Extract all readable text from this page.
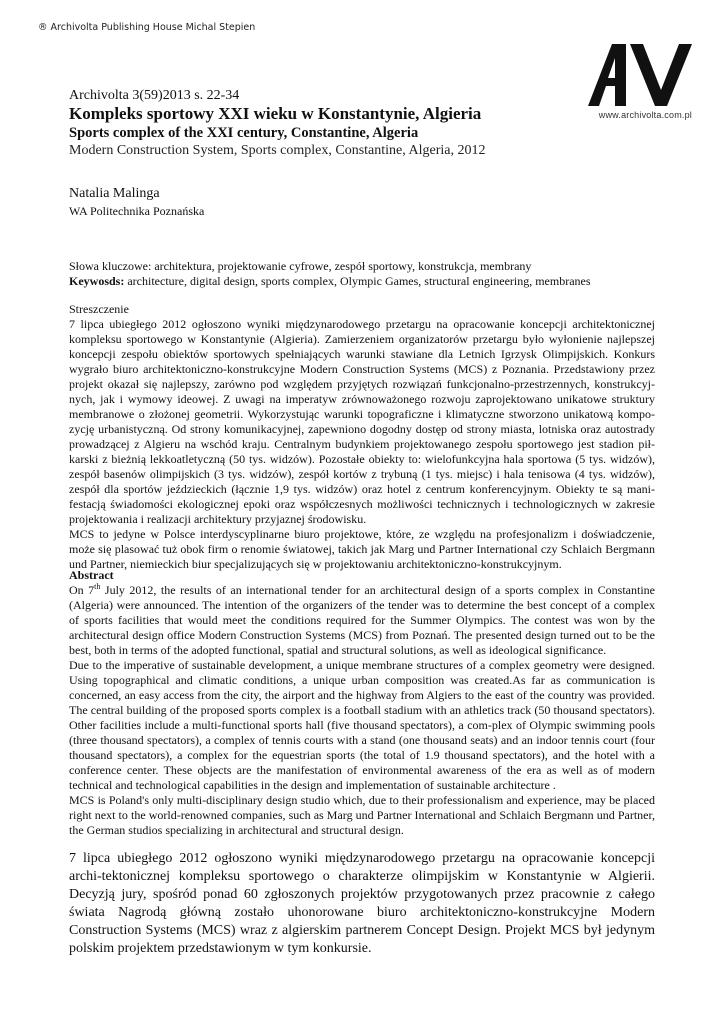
® Archivolta Publishing House Michal Stepien
www.archivolta.com.pl
Archivolta 3(59)2013 s. 22-34
Kompleks sportowy XXI wieku w Konstantynie, Algieria
Sports complex of the XXI century, Constantine, Algeria
Modern Construction System, Sports complex, Constantine, Algeria, 2012
Natalia Malinga
WA Politechnika Poznańska
Słowa kluczowe: architektura, projektowanie cyfrowe, zespół sportowy, konstrukcja, membrany
Keywosds: architecture, digital design, sports complex, Olympic Games, structural engineering, membranes

Streszczenie

7 lipca ubiegłego 2012 ogłoszono wyniki międzynarodowego przetargu na opracowanie koncepcji architektonicznej kompleksu sportowego w Konstantynie (Algieria). Zamierzeniem organizatorów przetargu było wyłonienie najlepszej koncepcji zespołu obiektów sportowych spełniających warunki stawiane dla Letnich Igrzysk Olimpijskich. Konkurs wygrało biuro architektoniczno-konstrukcyjne Modern Construction Systems (MCS) z Poznania. Przedstawiony przez projekt okazał się najlepszy, zarówno pod względem przyjętych rozwiązań funkcjonalno-przestrzennych, konstrukcyj-nych, jak i wymowy ideowej. Z uwagi na imperatyw zrównoważonego rozwoju zaprojektowano unikatowe struktury membranowe o złożonej geometrii. Wykorzystując warunki topograficzne i klimatyczne stworzono unikatową kompo-zycję urbanistyczną. Od strony komunikacyjnej, zapewniono dogodny dostęp od strony miasta, lotniska oraz autostrady prowadzącej z Algieru na wschód kraju. Centralnym budynkiem projektowanego zespołu sportowego jest stadion pił-karski z bieżnią lekkoatletyczną (50 tys. widzów). Pozostałe obiekty to: wielofunkcyjna hala sportowa (5 tys. widzów), zespół basenów olimpijskich (3 tys. widzów), zespół kortów z trybuną (1 tys. miejsc) i hala tenisowa (4 tys. widzów), zespół dla sportów jeździeckich (łącznie 1,9 tys. widzów) oraz hotel z centrum konferencyjnym. Obiekty te są mani-festacją świadomości ekologicznej epoki oraz współczesnych możliwości technicznych i technologicznych w zakresie projektowania i realizacji architektury przyjaznej środowisku.

MCS to jedyne w Polsce interdyscyplinarne biuro projektowe, które, ze względu na profesjonalizm i doświadczenie, może się plasować tuż obok firm o renomie światowej, takich jak Marg und Partner International czy Schlaich Bergmann und Partner, niemieckich biur specjalizujących się w projektowaniu architektoniczno-konstrukcyjnym.

Abstract

On 7th July 2012, the results of an international tender for an architectural design of a sports complex in Constantine (Algeria) were announced. The intention of the organizers of the tender was to determine the best concept of a complex of sports facilities that would meet the conditions required for the Summer Olympics. The contest was won by the architectural design office Modern Construction Systems (MCS) from Poznań. The presented design turned out to be the best, both in terms of the adopted functional, spatial and structural solutions, as well as ideological significance.

Due to the imperative of sustainable development, a unique membrane structures of a complex geometry were designed. Using topographical and climatic conditions, a unique urban composition was created.As far as communication is concerned, an easy access from the city, the airport and the highway from Algiers to the east of the country was provided. The central building of the proposed sports complex is a football stadium with an athletics track (50 thousand spectators). Other facilities include a multi-functional sports hall (five thousand spectators), a com-plex of Olympic swimming pools (three thousand spectators), a complex of tennis courts with a stand (one thousand seats) and an indoor tennis court (four thousand spectators), a complex for the equestrian sports (the total of 1.9 thousand spectators), and the hotel with a conference center. These objects are the manifestation of environmental awareness of the era as well as of modern technical and technological capabilities in the design and implementation of sustainable architecture .

MCS is Poland's only multi-disciplinary design studio which, due to their professionalism and experience, may be placed right next to the world-renowned companies, such as Marg und Partner International and Schlaich Bergmann und Partner, the German studios specializing in architectural and structural design.

7 lipca ubiegłego 2012 ogłoszono wyniki międzynarodowego przetargu na opracowanie koncepcji archi-tektonicznej kompleksu sportowego o charakterze olimpijskim w Konstantynie w Algierii. Decyzją jury, spośród ponad 60 zgłoszonych projektów przygotowanych przez pracownie z całego świata Nagrodą główną zostało uhonorowane biuro architektoniczno-konstrukcyjne Modern Construction Systems (MCS) wraz z algierskim partnerem Concept Design. Projekt MCS był jedynym polskim projektem przedstawionym w tym konkursie.
